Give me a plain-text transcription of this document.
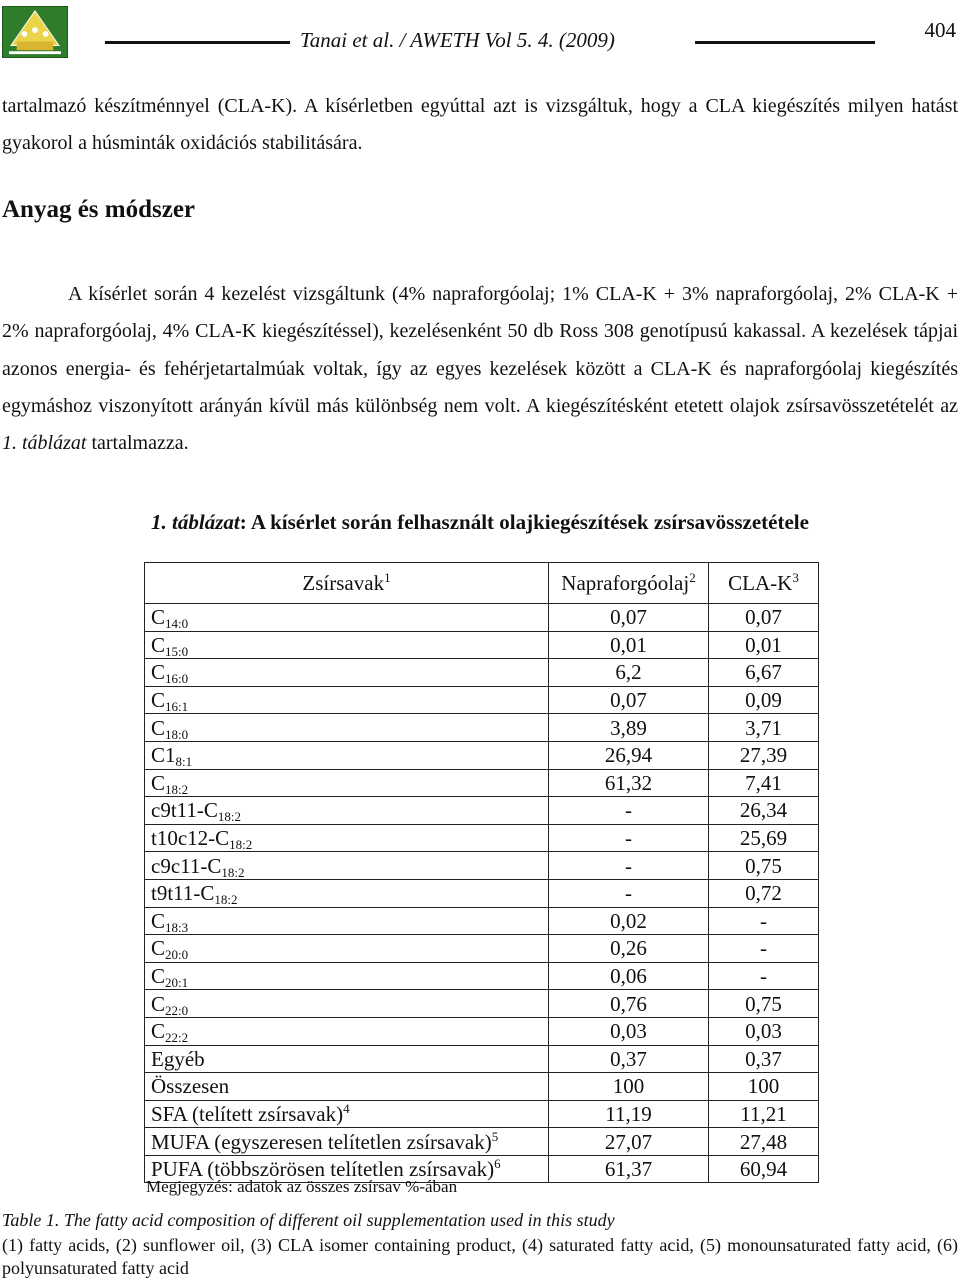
Tanai et al. / AWETH Vol 5. 4. (2009)	404

tartalmazó készítménnyel (CLA-K). A kísérletben egyúttal azt is vizsgáltuk, hogy a CLA kiegészítés milyen hatást gyakorol a húsminták oxidációs stabilitására.

Anyag és módszer

A kísérlet során 4 kezelést vizsgáltunk (4% napraforgóolaj; 1% CLA-K + 3% napraforgóolaj, 2% CLA-K + 2% napraforgóolaj, 4% CLA-K kiegészítéssel), kezelésenként 50 db Ross 308 genotípusú kakassal. A kezelések tápjai azonos energia- és fehérjetartalmúak voltak, így az egyes kezelések között a CLA-K és napraforgóolaj kiegészítés egymáshoz viszonyított arányán kívül más különbség nem volt. A kiegészítésként etetett olajok zsírsavösszetételét az 1. táblázat tartalmazza.

1. táblázat: A kísérlet során felhasznált olajkiegészítések zsírsavösszetétele
Zsírsavak$^1$	Napraforgóolaj$^2$	CLA-$K^3$
$C_{14:0}$	0,07	0,07
$C_{15:0}$	0,01	0,01
$C_{16:0}$	6,2	6,67
$C_{16:1}$	0,07	0,09
$C_{18:0}$	3,89	3,71
$C1_{8:1}$	26,94	27,39
$C_{18:2}$	61,32	7,41
$c9t11-C_{18:2}$	-	26,34
$t10c12-C_{18:2}$	-	25,69
$c9c11-C_{18:2}$	-	0,75
$t9t11-C_{18:2}$	-	0,72
$C_{18:3}$	0,02	-
$C_{20:0}$	0,26	-
$C_{20:1}$	0,06	-
$C_{22:0}$	0,76	0,75
$C_{22:2}$	0,03	0,03
Egyéb	0,37	0,37
Összesen	100	100
SFA (telített zsírsavak)$^4$	11,19	11,21
MUFA (egyszeresen telítetlen zsírsavak)$^5$	27,07	27,48
PUFA (többszörösen telítetlen zsírsavak)$^6$	61,37	60,94
Megjegyzés: adatok az összes zsírsav %-ában
Table 1. The fatty acid composition of different oil supplementation used in this study
(1) fatty acids, (2) sunflower oil, (3) CLA isomer containing product, (4) saturated fatty acid, (5) monounsaturated fatty acid, (6) polyunsaturated fatty acid
